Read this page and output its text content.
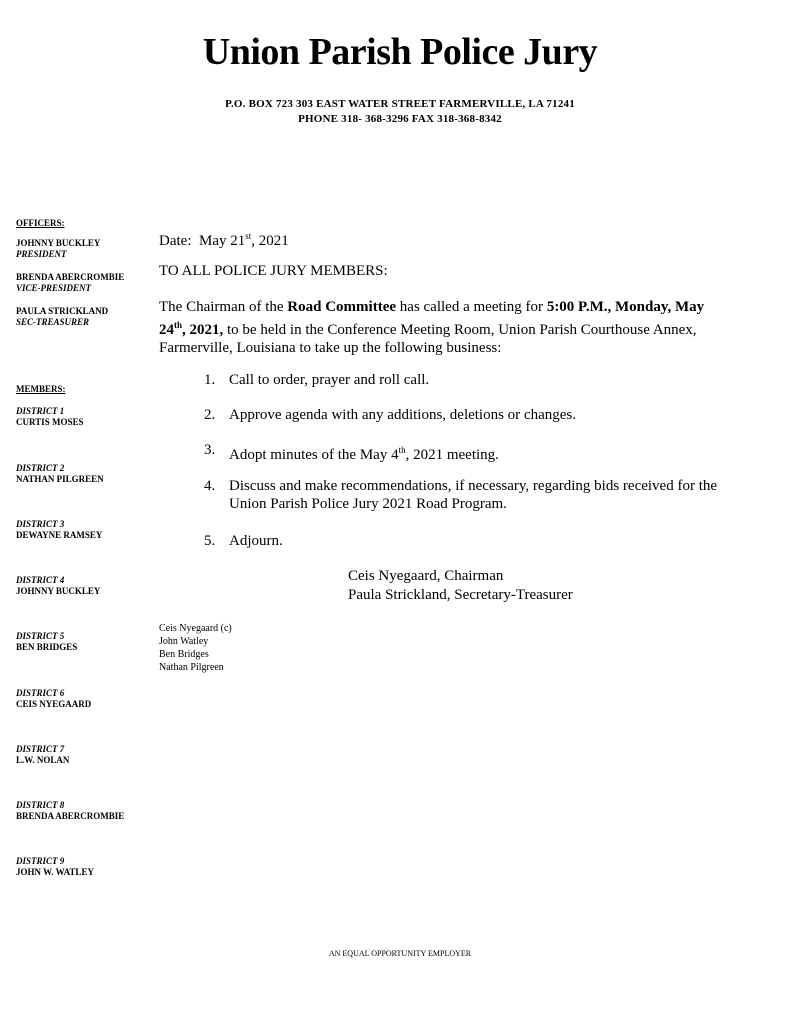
Union Parish Police Jury
P.O. BOX 723 303 EAST WATER STREET FARMERVILLE, LA 71241
PHONE 318- 368-3296 FAX 318-368-8342
OFFICERS:
JOHNNY BUCKLEY
PRESIDENT
BRENDA ABERCROMBIE
VICE-PRESIDENT
PAULA STRICKLAND
SEC-TREASURER
MEMBERS:
DISTRICT 1
CURTIS MOSES
DISTRICT 2
NATHAN PILGREEN
DISTRICT 3
DEWAYNE RAMSEY
DISTRICT 4
JOHNNY BUCKLEY
DISTRICT 5
BEN BRIDGES
DISTRICT 6
CEIS NYEGAARD
DISTRICT 7
L.W. NOLAN
DISTRICT 8
BRENDA ABERCROMBIE
DISTRICT 9
JOHN W. WATLEY
Date: May 21st, 2021
TO ALL POLICE JURY MEMBERS:
The Chairman of the Road Committee has called a meeting for 5:00 P.M., Monday, May 24th, 2021, to be held in the Conference Meeting Room, Union Parish Courthouse Annex, Farmerville, Louisiana to take up the following business:
1. Call to order, prayer and roll call.
2. Approve agenda with any additions, deletions or changes.
3. Adopt minutes of the May 4th, 2021 meeting.
4. Discuss and make recommendations, if necessary, regarding bids received for the Union Parish Police Jury 2021 Road Program.
5. Adjourn.
Ceis Nyegaard, Chairman
Paula Strickland, Secretary-Treasurer
Ceis Nyegaard (c)
John Watley
Ben Bridges
Nathan Pilgreen
AN EQUAL OPPORTUNITY EMPLOYER
